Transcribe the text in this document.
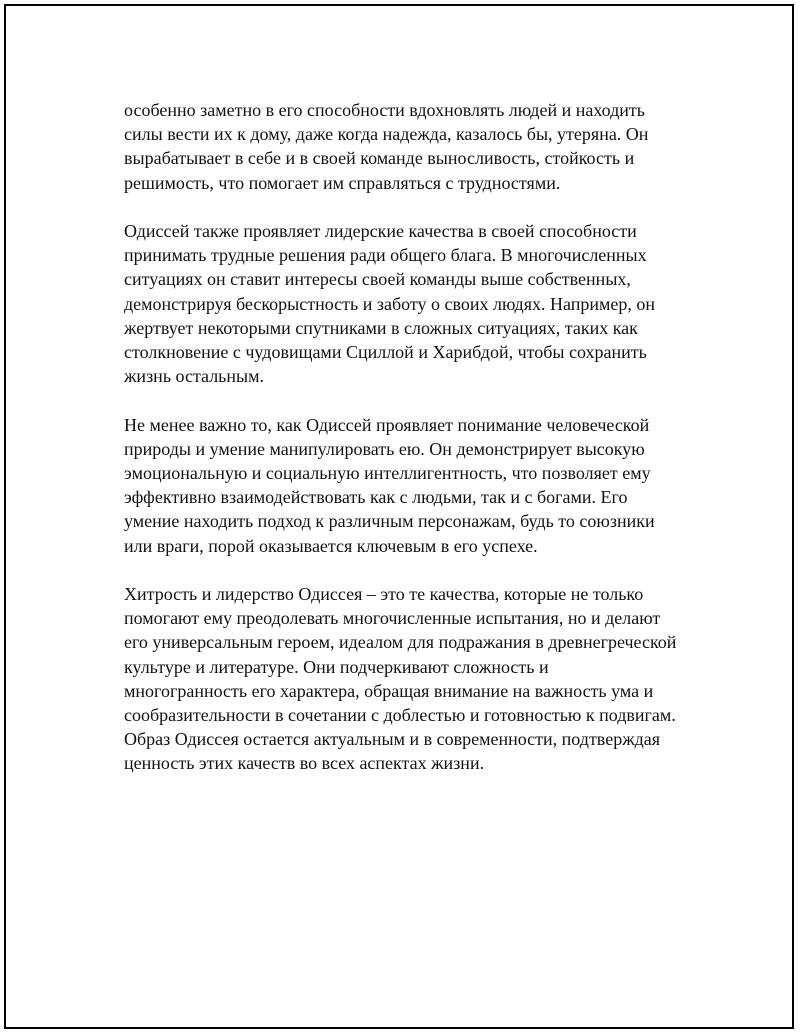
особенно заметно в его способности вдохновлять людей и находить
силы вести их к дому, даже когда надежда, казалось бы, утеряна. Он
вырабатывает в себе и в своей команде выносливость, стойкость и
решимость, что помогает им справляться с трудностями.

Одиссей также проявляет лидерские качества в своей способности
принимать трудные решения ради общего блага. В многочисленных
ситуациях он ставит интересы своей команды выше собственных,
демонстрируя бескорыстность и заботу о своих людях. Например, он
жертвует некоторыми спутниками в сложных ситуациях, таких как
столкновение с чудовищами Сциллой и Харибдой, чтобы сохранить
жизнь остальным.

Не менее важно то, как Одиссей проявляет понимание человеческой
природы и умение манипулировать ею. Он демонстрирует высокую
эмоциональную и социальную интеллигентность, что позволяет ему
эффективно взаимодействовать как с людьми, так и с богами. Его
умение находить подход к различным персонажам, будь то союзники
или враги, порой оказывается ключевым в его успехе.

Хитрость и лидерство Одиссея – это те качества, которые не только
помогают ему преодолевать многочисленные испытания, но и делают
его универсальным героем, идеалом для подражания в древнегреческой
культуре и литературе. Они подчеркивают сложность и
многогранность его характера, обращая внимание на важность ума и
сообразительности в сочетании с доблестью и готовностью к подвигам.
Образ Одиссея остается актуальным и в современности, подтверждая
ценность этих качеств во всех аспектах жизни.
